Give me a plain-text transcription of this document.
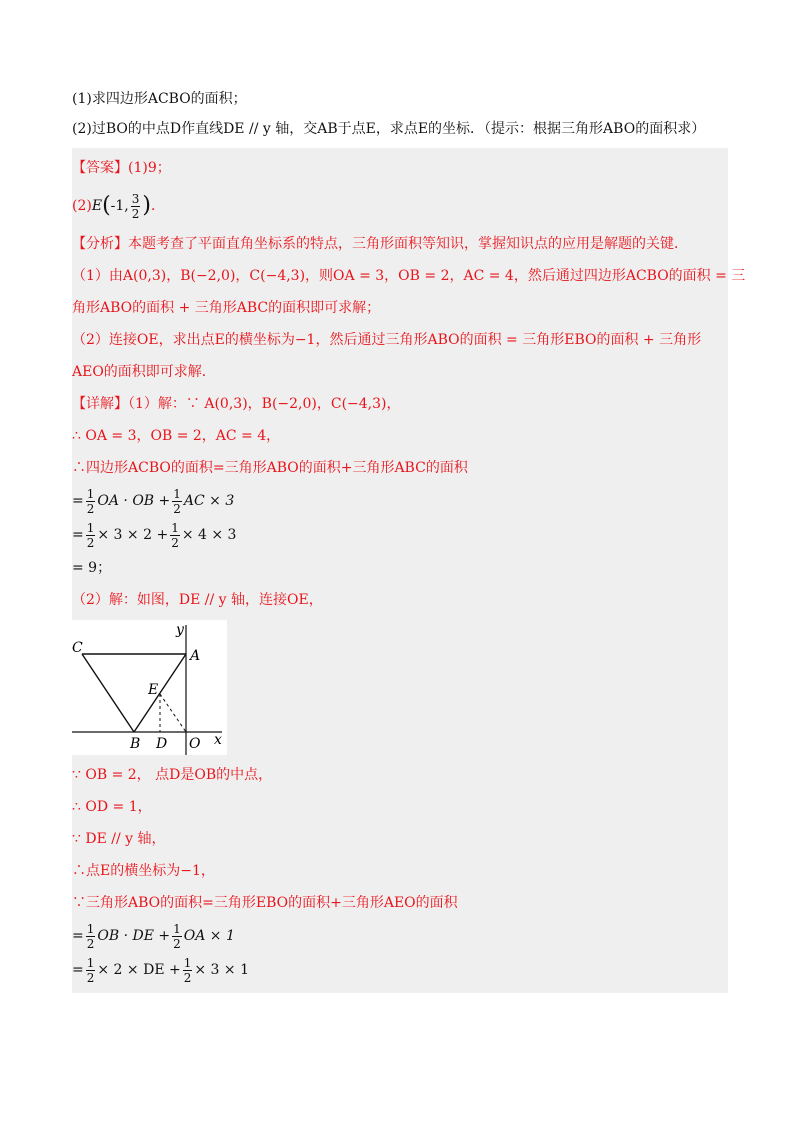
(1)求四边形ACBO的面积；
(2)过BO的中点D作直线DE // y 轴，交AB于点E，求点E的坐标．（提示：根据三角形ABO的面积求）
【答案】(1)9；
(2) E ( -1, $\frac{3}{2}$ ) ．
【分析】本题考查了平面直角坐标系的特点，三角形面积等知识，掌握知识点的应用是解题的关键．
（1）由A(0,3)，B(−2,0)，C(−4,3)，则OA = 3，OB = 2，AC = 4，然后通过四边形ACBO的面积 = 三
角形ABO的面积 + 三角形ABC的面积即可求解；
（2）连接OE，求出点E的横坐标为−1，然后通过三角形ABO的面积 = 三角形EBO的面积 + 三角形
AEO的面积即可求解．
【详解】（1）解：∵ A(0,3)，B(−2,0)，C(−4,3)，
∴ OA = 3，OB = 2，AC = 4，
∴四边形ACBO的面积=三角形ABO的面积+三角形ABC的面积
= $\frac{1}{2}$ OA · OB + $\frac{1}{2}$ AC × 3
= $\frac{1}{2} \times 3 \times 2 + \frac{1}{2} \times 4 \times 3$
= 9；
（2）解：如图，DE // y 轴，连接OE，
y
x
C	A
E
B D O
∵ OB = 2， 点D是OB的中点，
∴ OD = 1，
∵ DE // y 轴，
∴点E的横坐标为−1，
∵三角形ABO的面积=三角形EBO的面积+三角形AEO的面积
= $\frac{1}{2}$ OB · DE + $\frac{1}{2}$ OA × 1
= $\frac{1}{2} \times 2$ × DE + $\frac{1}{2} \times 3 \times 1$
